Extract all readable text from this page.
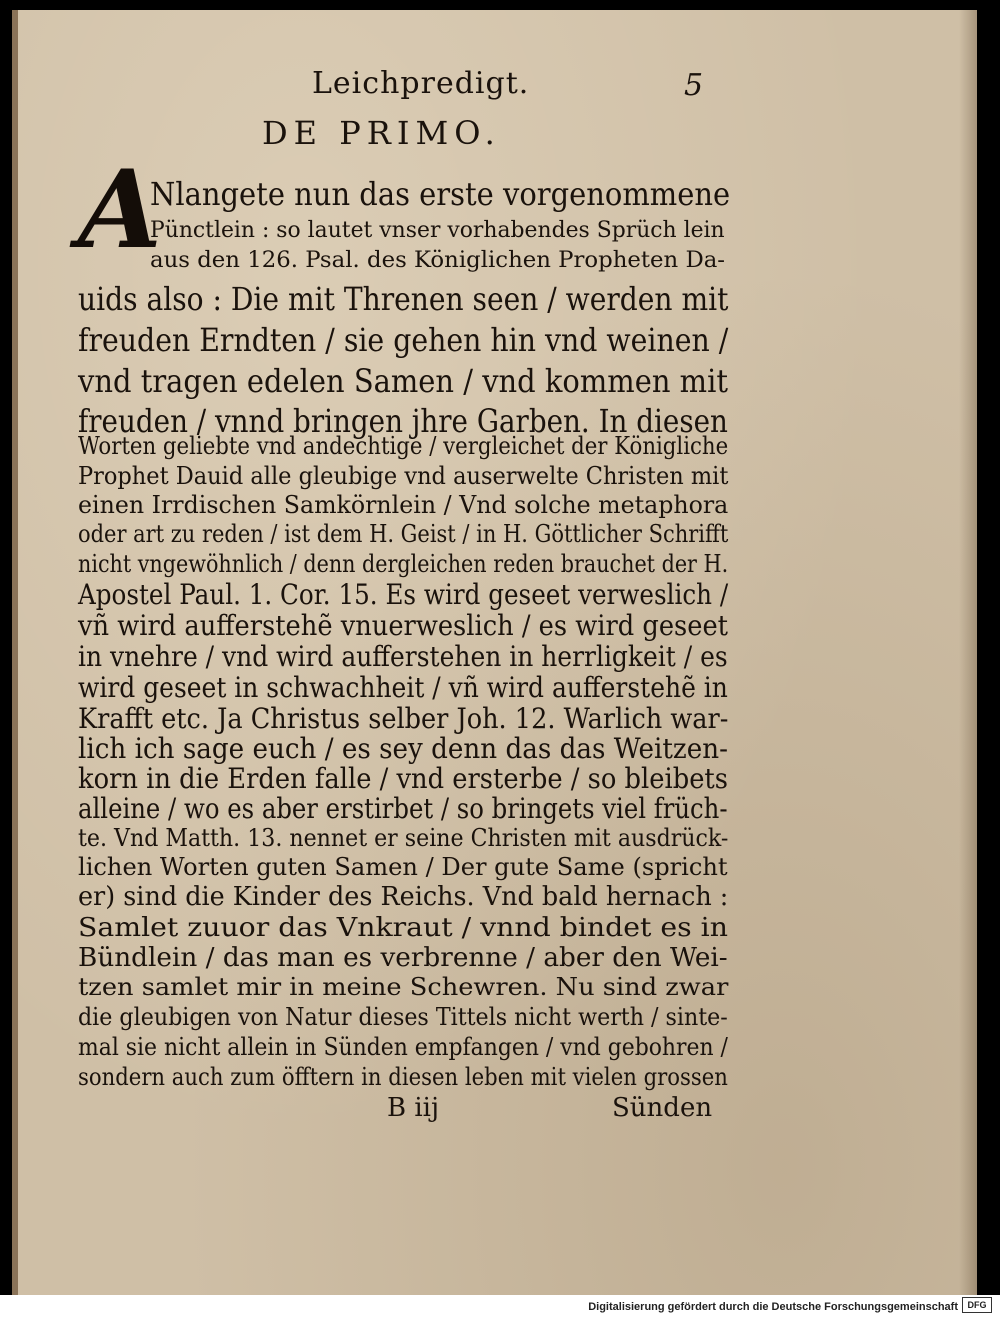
Leichpredigt.	5
DE PRIMO.
A
Nlangete nun das erste vorgenommene
Pünctlein : so lautet vnser vorhabendes Sprüch lein
aus den 126. Psal. des Königlichen Propheten Da-
uids also : Die mit Threnen seen / werden mit
freuden Erndten / sie gehen hin vnd weinen /
vnd tragen edelen Samen / vnd kommen mit
freuden / vnnd bringen jhre Garben. In diesen
Worten geliebte vnd andechtige / vergleichet der Königliche
Prophet Dauid alle gleubige vnd auserwelte Christen mit
einen Irrdischen Samkörnlein / Vnd solche metaphora
oder art zu reden / ist dem H. Geist / in H. Göttlicher Schrifft
nicht vngewöhnlich / denn dergleichen reden brauchet der H.
Apostel Paul. 1. Cor. 15. Es wird geseet verweslich /
vñ wird aufferstehẽ vnuerweslich / es wird geseet
in vnehre / vnd wird aufferstehen in herrligkeit / es
wird geseet in schwachheit / vñ wird aufferstehẽ in
Krafft etc. Ja Christus selber Joh. 12. Warlich war-
lich ich sage euch / es sey denn das das Weitzen-
korn in die Erden falle / vnd ersterbe / so bleibets
alleine / wo es aber erstirbet / so bringets viel früch-
te. Vnd Matth. 13. nennet er seine Christen mit ausdrück-
lichen Worten guten Samen / Der gute Same (spricht
er) sind die Kinder des Reichs. Vnd bald hernach :
Samlet zuuor das Vnkraut / vnnd bindet es in
Bündlein / das man es verbrenne / aber den Wei-
tzen samlet mir in meine Schewren. Nu sind zwar
die gleubigen von Natur dieses Tittels nicht werth / sinte-
mal sie nicht allein in Sünden empfangen / vnd gebohren /
sondern auch zum öfftern in diesen leben mit vielen grossen
B iij	Sünden
Digitalisierung gefördert durch die Deutsche Forschungsgemeinschaft	DFG
